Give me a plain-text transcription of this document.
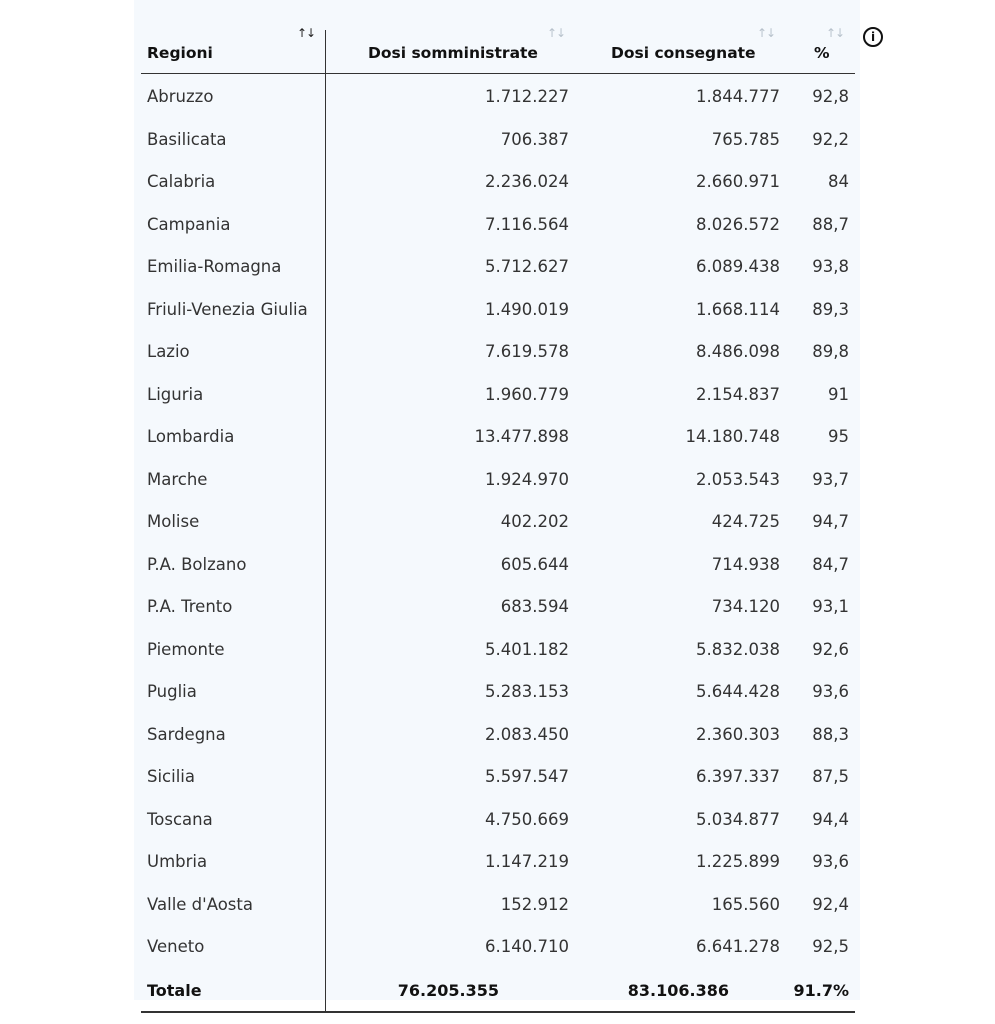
i
↑↓	↑↓	↑↓	↑↓
Regioni	Dosi somministrate	Dosi consegnate	%
Abruzzo	1.712.227	1.844.777 92,8
Basilicata	706.387	765.785 92,2
Calabria	2.236.024	2.660.971	84
Campania	7.116.564	8.026.572 88,7
Emilia-Romagna	5.712.627	6.089.438 93,8
Friuli-Venezia Giulia	1.490.019	1.668.114 89,3
Lazio	7.619.578	8.486.098 89,8
Liguria	1.960.779	2.154.837	91
Lombardia	13.477.898	14.180.748	95
Marche	1.924.970	2.053.543 93,7
Molise	402.202	424.725 94,7
P.A. Bolzano	605.644	714.938 84,7
P.A. Trento	683.594	734.120 93,1
Piemonte	5.401.182	5.832.038 92,6
Puglia	5.283.153	5.644.428 93,6
Sardegna	2.083.450	2.360.303 88,3
Sicilia	5.597.547	6.397.337 87,5
Toscana	4.750.669	5.034.877 94,4
Umbria	1.147.219	1.225.899 93,6
Valle d'Aosta	152.912	165.560 92,4
Veneto	6.140.710	6.641.278 92,5
Totale	76.205.355	83.106.386	91.7%
